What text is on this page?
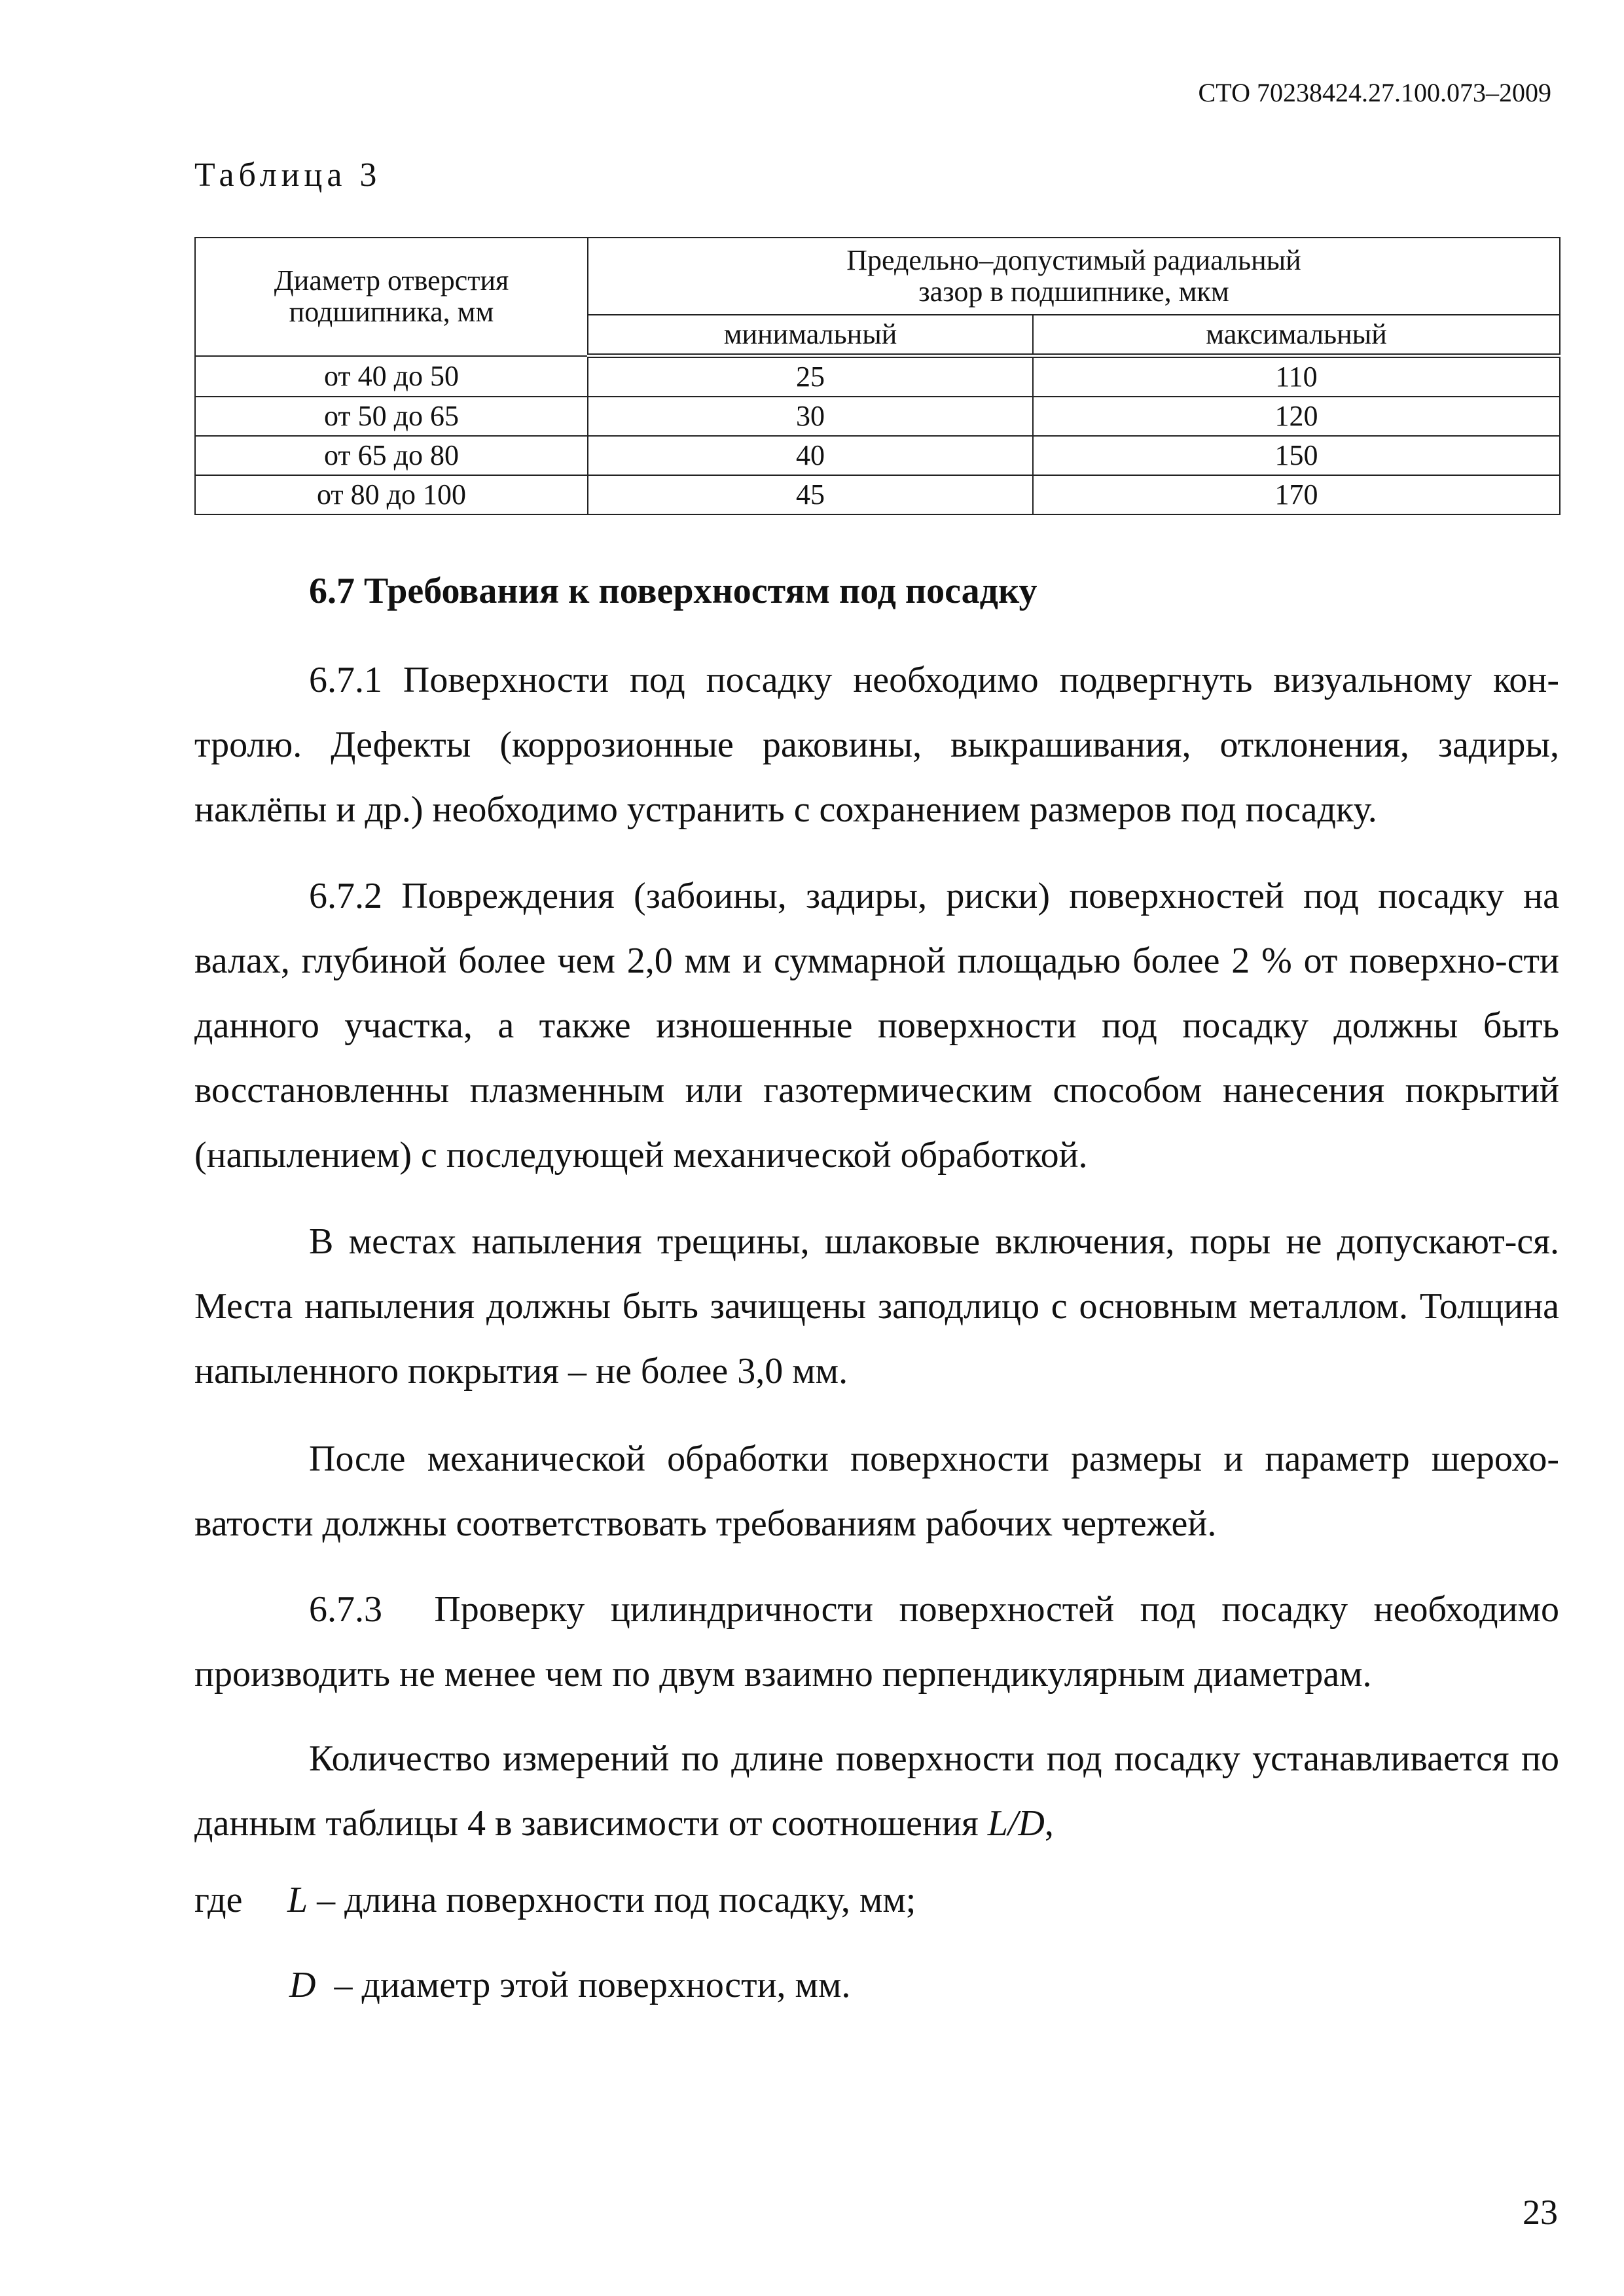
СТО 70238424.27.100.073–2009
Таблица 3
Диаметр отверстия подшипника, мм	Предельно–допустимый радиальный
зазор в подшипнике, мкм	

	минимальный	максимальный
от 40 до 50	25	110
от 50 до 65	30	120
от 65 до 80	40	150
от 80 до 100	45	170
6.7 Требования к поверхностям под посадку
6.7.1 Поверхности под посадку необходимо подвергнуть визуальному кон-тролю. Дефекты (коррозионные раковины, выкрашивания, отклонения, задиры, наклёпы и др.) необходимо устранить с сохранением размеров под посадку.
6.7.2 Повреждения (забоины, задиры, риски) поверхностей под посадку на валах, глубиной более чем 2,0 мм и суммарной площадью более 2 % от поверхно-сти данного участка, а также изношенные поверхности под посадку должны быть восстановленны плазменным или газотермическим способом нанесения покрытий (напылением) с последующей механической обработкой.
В местах напыления трещины, шлаковые включения, поры не допускают-ся. Места напыления должны быть зачищены заподлицо с основным металлом. Толщина напыленного покрытия – не более 3,0 мм.
После механической обработки поверхности размеры и параметр шерохо-ватости должны соответствовать требованиям рабочих чертежей.
6.7.3  Проверку цилиндричности поверхностей под посадку необходимо производить не менее чем по двум взаимно перпендикулярным диаметрам.
Количество измерений по длине поверхности под посадку устанавливается по данным таблицы 4 в зависимости от соотношения L/D,
где L – длина поверхности под посадку, мм;
D  – диаметр этой поверхности, мм.
23
